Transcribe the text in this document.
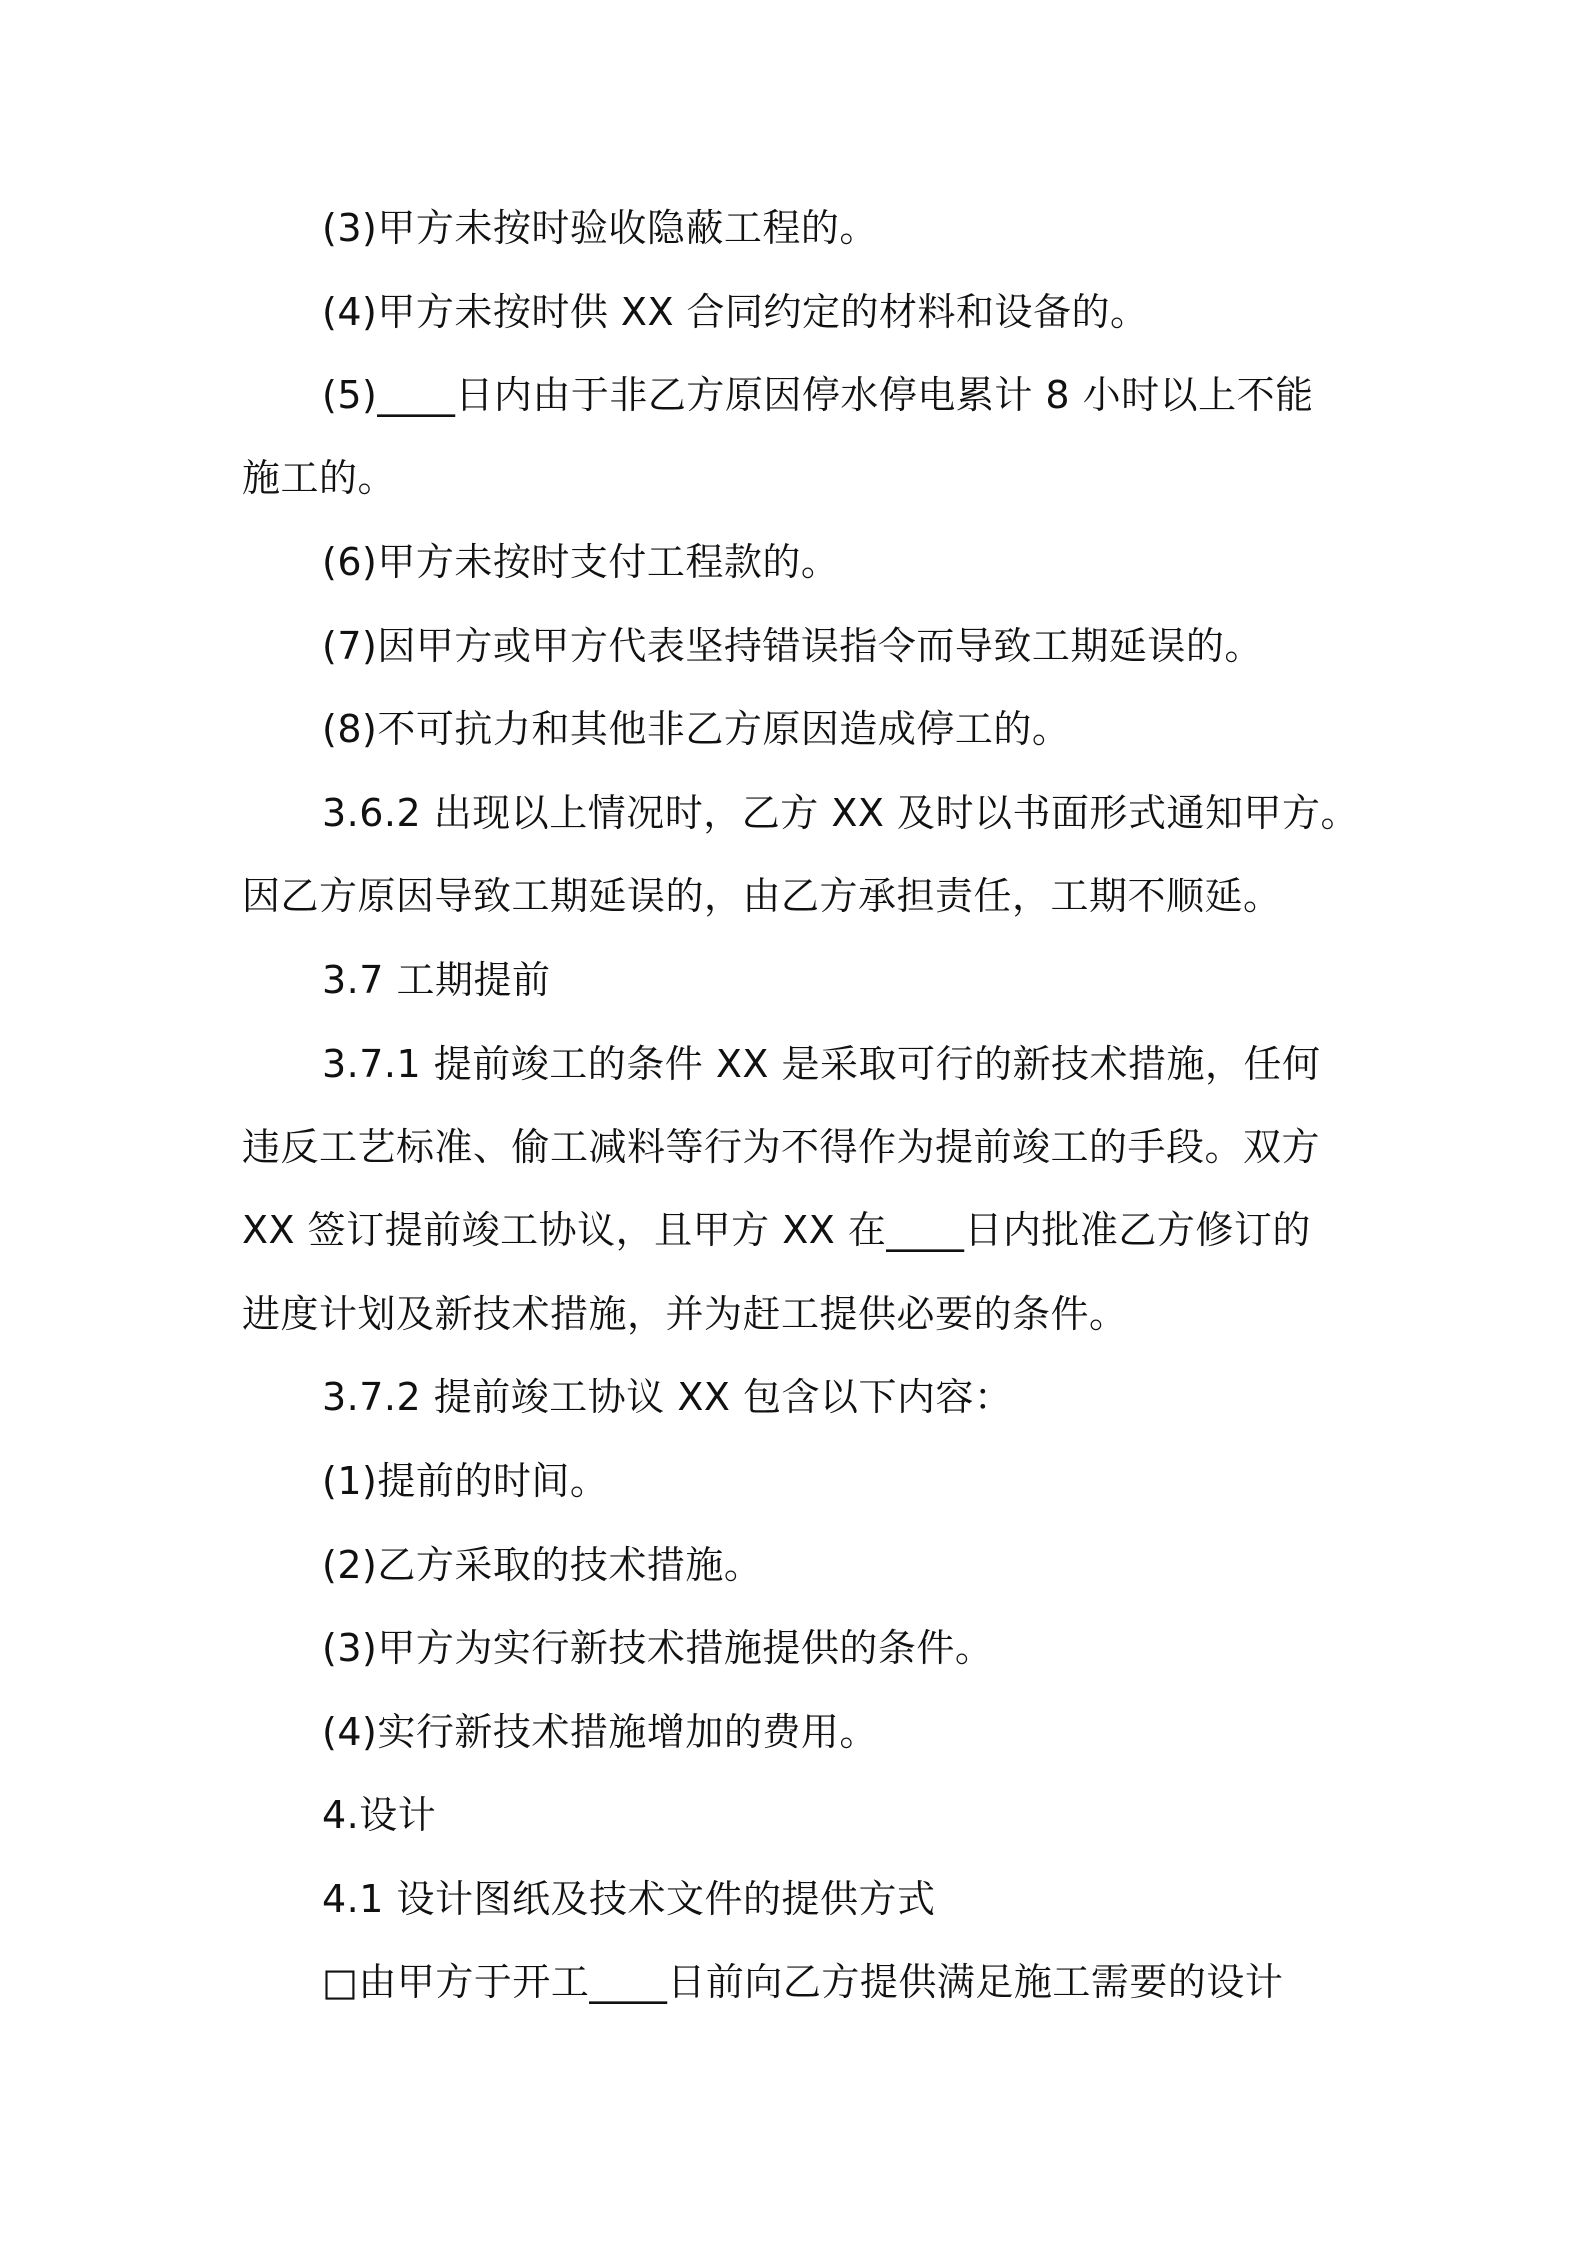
(3)甲方未按时验收隐蔽工程的。
(4)甲方未按时供 XX 合同约定的材料和设备的。
(5)____日内由于非乙方原因停水停电累计 8 小时以上不能
施工的。
(6)甲方未按时支付工程款的。
(7)因甲方或甲方代表坚持错误指令而导致工期延误的。
(8)不可抗力和其他非乙方原因造成停工的。
3.6.2 出现以上情况时，乙方 XX 及时以书面形式通知甲方。
因乙方原因导致工期延误的，由乙方承担责任，工期不顺延。
3.7 工期提前
3.7.1 提前竣工的条件 XX 是采取可行的新技术措施，任何
违反工艺标准、偷工减料等行为不得作为提前竣工的手段。双方
XX 签订提前竣工协议，且甲方 XX 在____日内批准乙方修订的
进度计划及新技术措施，并为赶工提供必要的条件。
3.7.2 提前竣工协议 XX 包含以下内容：
(1)提前的时间。
(2)乙方采取的技术措施。
(3)甲方为实行新技术措施提供的条件。
(4)实行新技术措施增加的费用。
4.设计
4.1 设计图纸及技术文件的提供方式
□由甲方于开工____日前向乙方提供满足施工需要的设计
